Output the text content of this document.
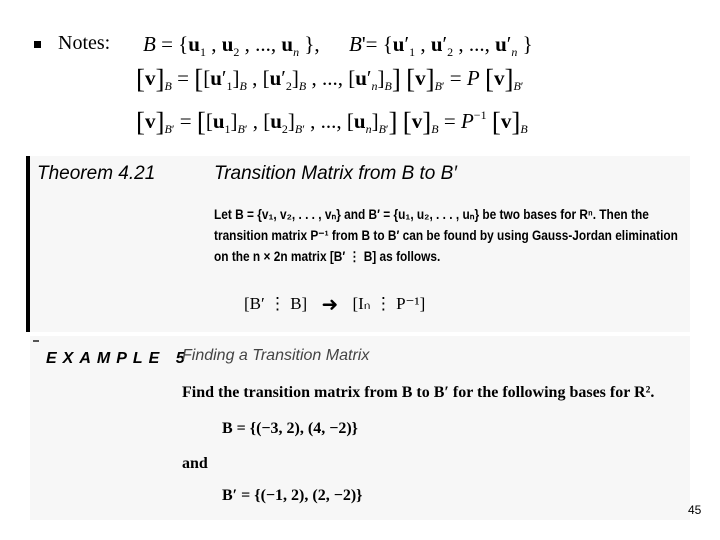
Notes: $B = \{u_1$ , $u_2$ , ..., $u_n$ }, $B'= \{u'_1$ , $u'_2$ , ..., $u'_n$ }
$[v]_B = [[u'_1]_B$ , $[u'_2]_B$ , ..., $[u'_n]_B$] $[v]_{B'} = P$ $[v]_{B'}$
$[v]_{B'} = [[u_1]_{B'}$ , $[u_2]_{B'}$ , ..., $[u_n]_{B'}$] $[v]_B = P^{-1}$ $[v]_B$
Theorem 4.21	Transition Matrix from B to B′
Let B = {v₁, v₂, . . . , vₙ} and B′ = {u₁, u₂, . . . , uₙ} be two bases for Rⁿ. Then the transition matrix P⁻¹ from B to B′ can be found by using Gauss-Jordan elimination on the n × 2n matrix [B′ ⋮ B] as follows.
[B′ ⋮ B] ➜ [Iₙ ⋮ P⁻¹]
EXAMPLE 5
Finding a Transition Matrix
Find the transition matrix from B to B′ for the following bases for R².
B = {(−3, 2), (4, −2)}
and
B′ = {(−1, 2), (2, −2)}
45
